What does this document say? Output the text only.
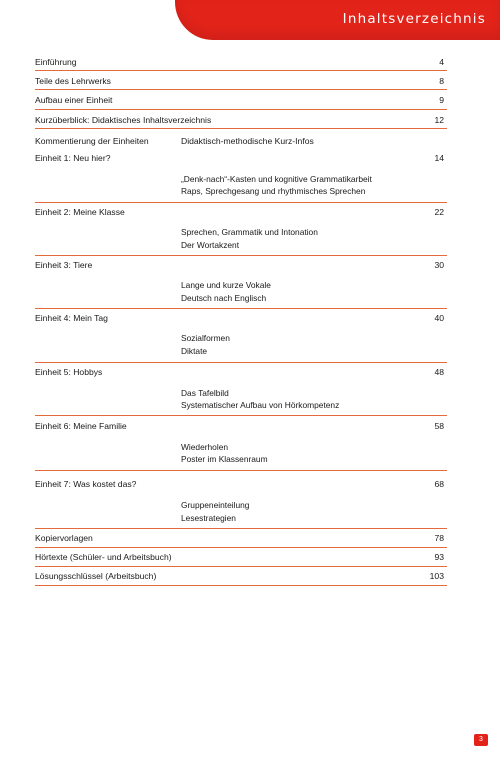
Inhaltsverzeichnis
Einführung	4
Teile des Lehrwerks	8
Aufbau einer Einheit	9
Kurzüberblick: Didaktisches Inhaltsverzeichnis	12
Kommentierung der Einheiten	Didaktisch-methodische Kurz-Infos
Einheit 1: Neu hier?	14
„Denk-nach“-Kasten und kognitive Grammatikarbeit
Raps, Sprechgesang und rhythmisches Sprechen
Einheit 2: Meine Klasse	22
Sprechen, Grammatik und Intonation
Der Wortakzent
Einheit 3: Tiere	30
Lange und kurze Vokale
Deutsch nach Englisch
Einheit 4: Mein Tag	40
Sozialformen
Diktate
Einheit 5: Hobbys	48
Das Tafelbild
Systematischer Aufbau von Hörkompetenz
Einheit 6: Meine Familie	58
Wiederholen
Poster im Klassenraum
Einheit 7: Was kostet das?	68
Gruppeneinteilung
Lesestrategien
Kopiervorlagen	78
Hörtexte (Schüler- und Arbeitsbuch)	93
Lösungsschlüssel (Arbeitsbuch)	103
3
